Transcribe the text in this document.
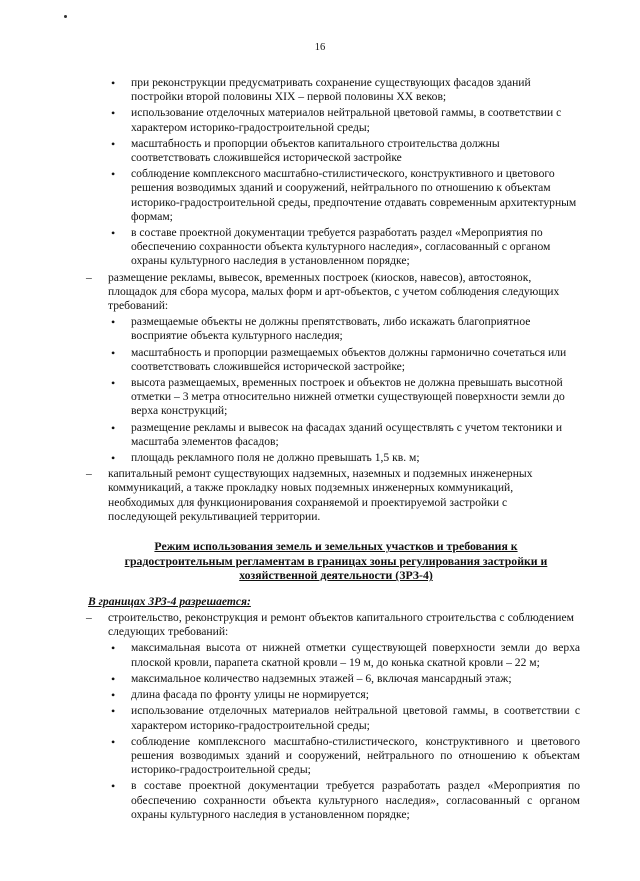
16
• при реконструкции предусматривать сохранение существующих фасадов зданий постройки второй половины XIX – первой половины XX веков;
• использование отделочных материалов нейтральной цветовой гаммы, в соответствии с характером историко-градостроительной среды;
• масштабность и пропорции объектов капитального строительства должны соответствовать сложившейся исторической застройке
• соблюдение комплексного масштабно-стилистического, конструктивного и цветового решения возводимых зданий и сооружений, нейтрального по отношению к объектам историко-градостроительной среды, предпочтение отдавать современным архитектурным формам;
• в составе проектной документации требуется разработать раздел «Мероприятия по обеспечению сохранности объекта культурного наследия», согласованный с органом охраны культурного наследия в установленном порядке;
– размещение рекламы, вывесок, временных построек (киосков, навесов), автостоянок, площадок для сбора мусора, малых форм и арт-объектов, с учетом соблюдения следующих требований:
• размещаемые объекты не должны препятствовать, либо искажать благоприятное восприятие объекта культурного наследия;
• масштабность и пропорции размещаемых объектов должны гармонично сочетаться или соответствовать сложившейся исторической застройке;
• высота размещаемых, временных построек и объектов не должна превышать высотной отметки – 3 метра относительно нижней отметки существующей поверхности земли до верха конструкций;
• размещение рекламы и вывесок на фасадах зданий осуществлять с учетом тектоники и масштаба элементов фасадов;
• площадь рекламного поля не должно превышать 1,5 кв. м;
– капитальный ремонт существующих надземных, наземных и подземных инженерных коммуникаций, а также прокладку новых подземных инженерных коммуникаций, необходимых для функционирования сохраняемой и проектируемой застройки с последующей рекультивацией территории.
Режим использования земель и земельных участков и требования к градостроительным регламентам в границах зоны регулирования застройки и хозяйственной деятельности (ЗРЗ-4)
В границах ЗРЗ-4 разрешается:
– строительство, реконструкция и ремонт объектов капитального строительства с соблюдением следующих требований:
• максимальная высота от нижней отметки существующей поверхности земли до верха плоской кровли, парапета скатной кровли – 19 м, до конька скатной кровли – 22 м;
• максимальное количество надземных этажей – 6, включая мансардный этаж;
• длина фасада по фронту улицы не нормируется;
• использование отделочных материалов нейтральной цветовой гаммы, в соответствии с характером историко-градостроительной среды;
• соблюдение комплексного масштабно-стилистического, конструктивного и цветового решения возводимых зданий и сооружений, нейтрального по отношению к объектам историко-градостроительной среды;
• в составе проектной документации требуется разработать раздел «Мероприятия по обеспечению сохранности объекта культурного наследия», согласованный с органом охраны культурного наследия в установленном порядке;
